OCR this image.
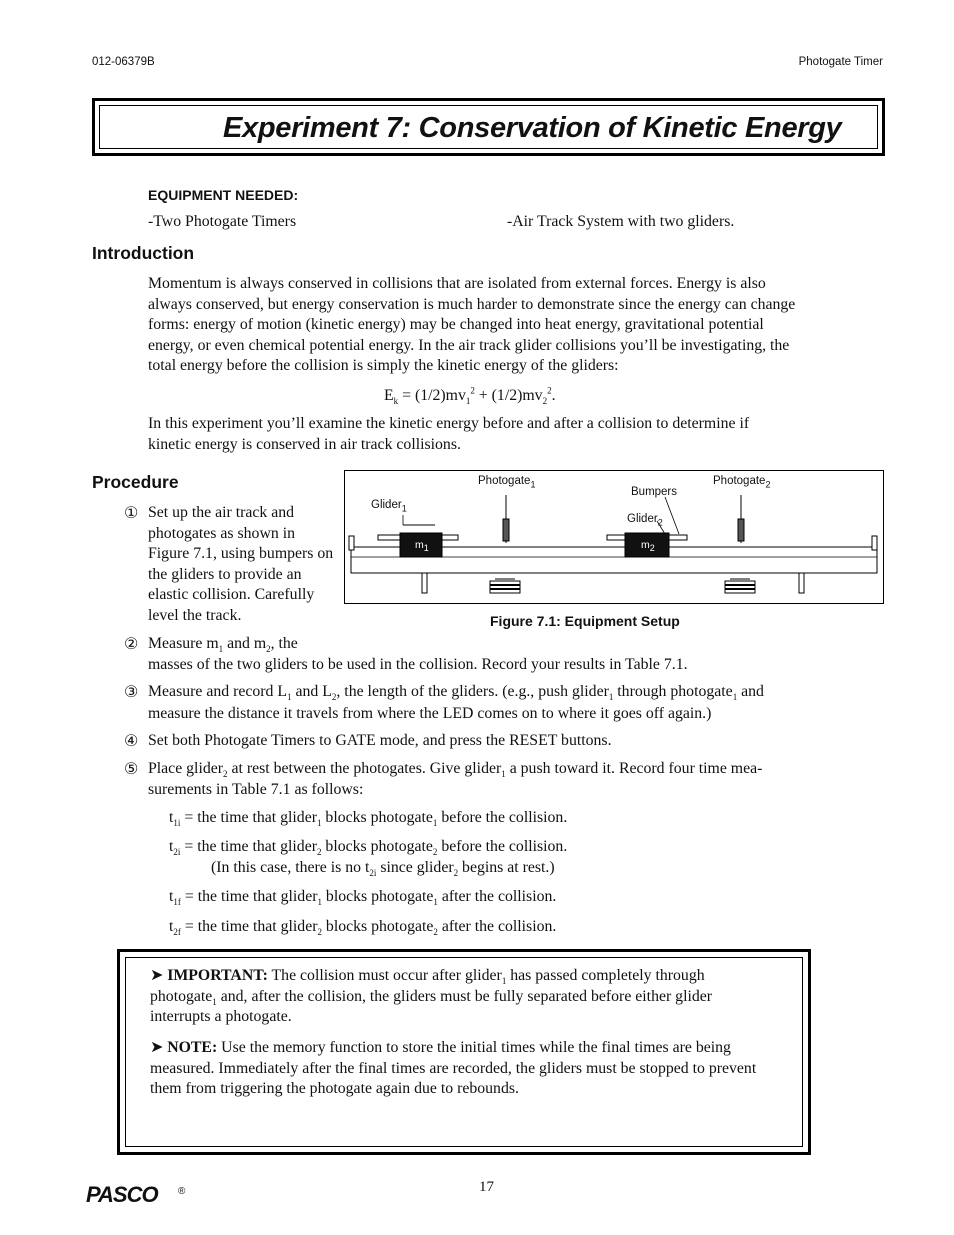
012-06379B	Photogate Timer
Experiment 7: Conservation of Kinetic Energy
EQUIPMENT NEEDED:
-Two Photogate Timers	-Air Track System with two gliders.
Introduction
Momentum is always conserved in collisions that are isolated from external forces. Energy is also always conserved, but energy conservation is much harder to demonstrate since the energy can change forms: energy of motion (kinetic energy) may be changed into heat energy, gravitational potential energy, or even chemical potential energy. In the air track glider collisions you’ll be investigating, the total energy before the collision is simply the kinetic energy of the gliders:
$E_k = (1/2)mv_1^2 + (1/2)mv_2^2$.
In this experiment you’ll examine the kinetic energy before and after a collision to determine if kinetic energy is conserved in air track collisions.
Procedure
① Set up the air track and photogates as shown in Figure 7.1, using bumpers on the gliders to provide an elastic collision. Carefully level the track.
Photogate$_1$	Photogate$_2$
Bumpers
Glider$_1$
Glider$_2$
$m_1$	$m_2$
Figure 7.1: Equipment Setup
② Measure $m_1$ and $m_2$, the
masses of the two gliders to be used in the collision. Record your results in Table 7.1.
③ Measure and record $L_1$ and $L_2$, the length of the gliders. (e.g., push glider$_1$ through photogate$_1$ and
measure the distance it travels from where the LED comes on to where it goes off again.)
④ Set both Photogate Timers to GATE mode, and press the RESET buttons.
⑤ Place glider$_2$ at rest between the photogates. Give glider$_1$ a push toward it. Record four time mea-
surements in Table 7.1 as follows:
$t_{1i}$ = the time that glider$_1$ blocks photogate$_1$ before the collision.
$t_{2i}$ = the time that glider$_2$ blocks photogate$_2$ before the collision.
(In this case, there is no $t_{2i}$ since glider$_2$ begins at rest.)
$t_{1f}$ = the time that glider$_1$ blocks photogate$_1$ after the collision.
$t_{2f}$ = the time that glider$_2$ blocks photogate$_2$ after the collision.
➤ IMPORTANT: The collision must occur after glider$_1$ has passed completely through
photogate$_1$ and, after the collision, the gliders must be fully separated before either glider
interrupts a photogate.
➤ NOTE: Use the memory function to store the initial times while the final times are being measured. Immediately after the final times are recorded, the gliders must be stopped to prevent them from triggering the photogate again due to rebounds.
PASCO ®	17
